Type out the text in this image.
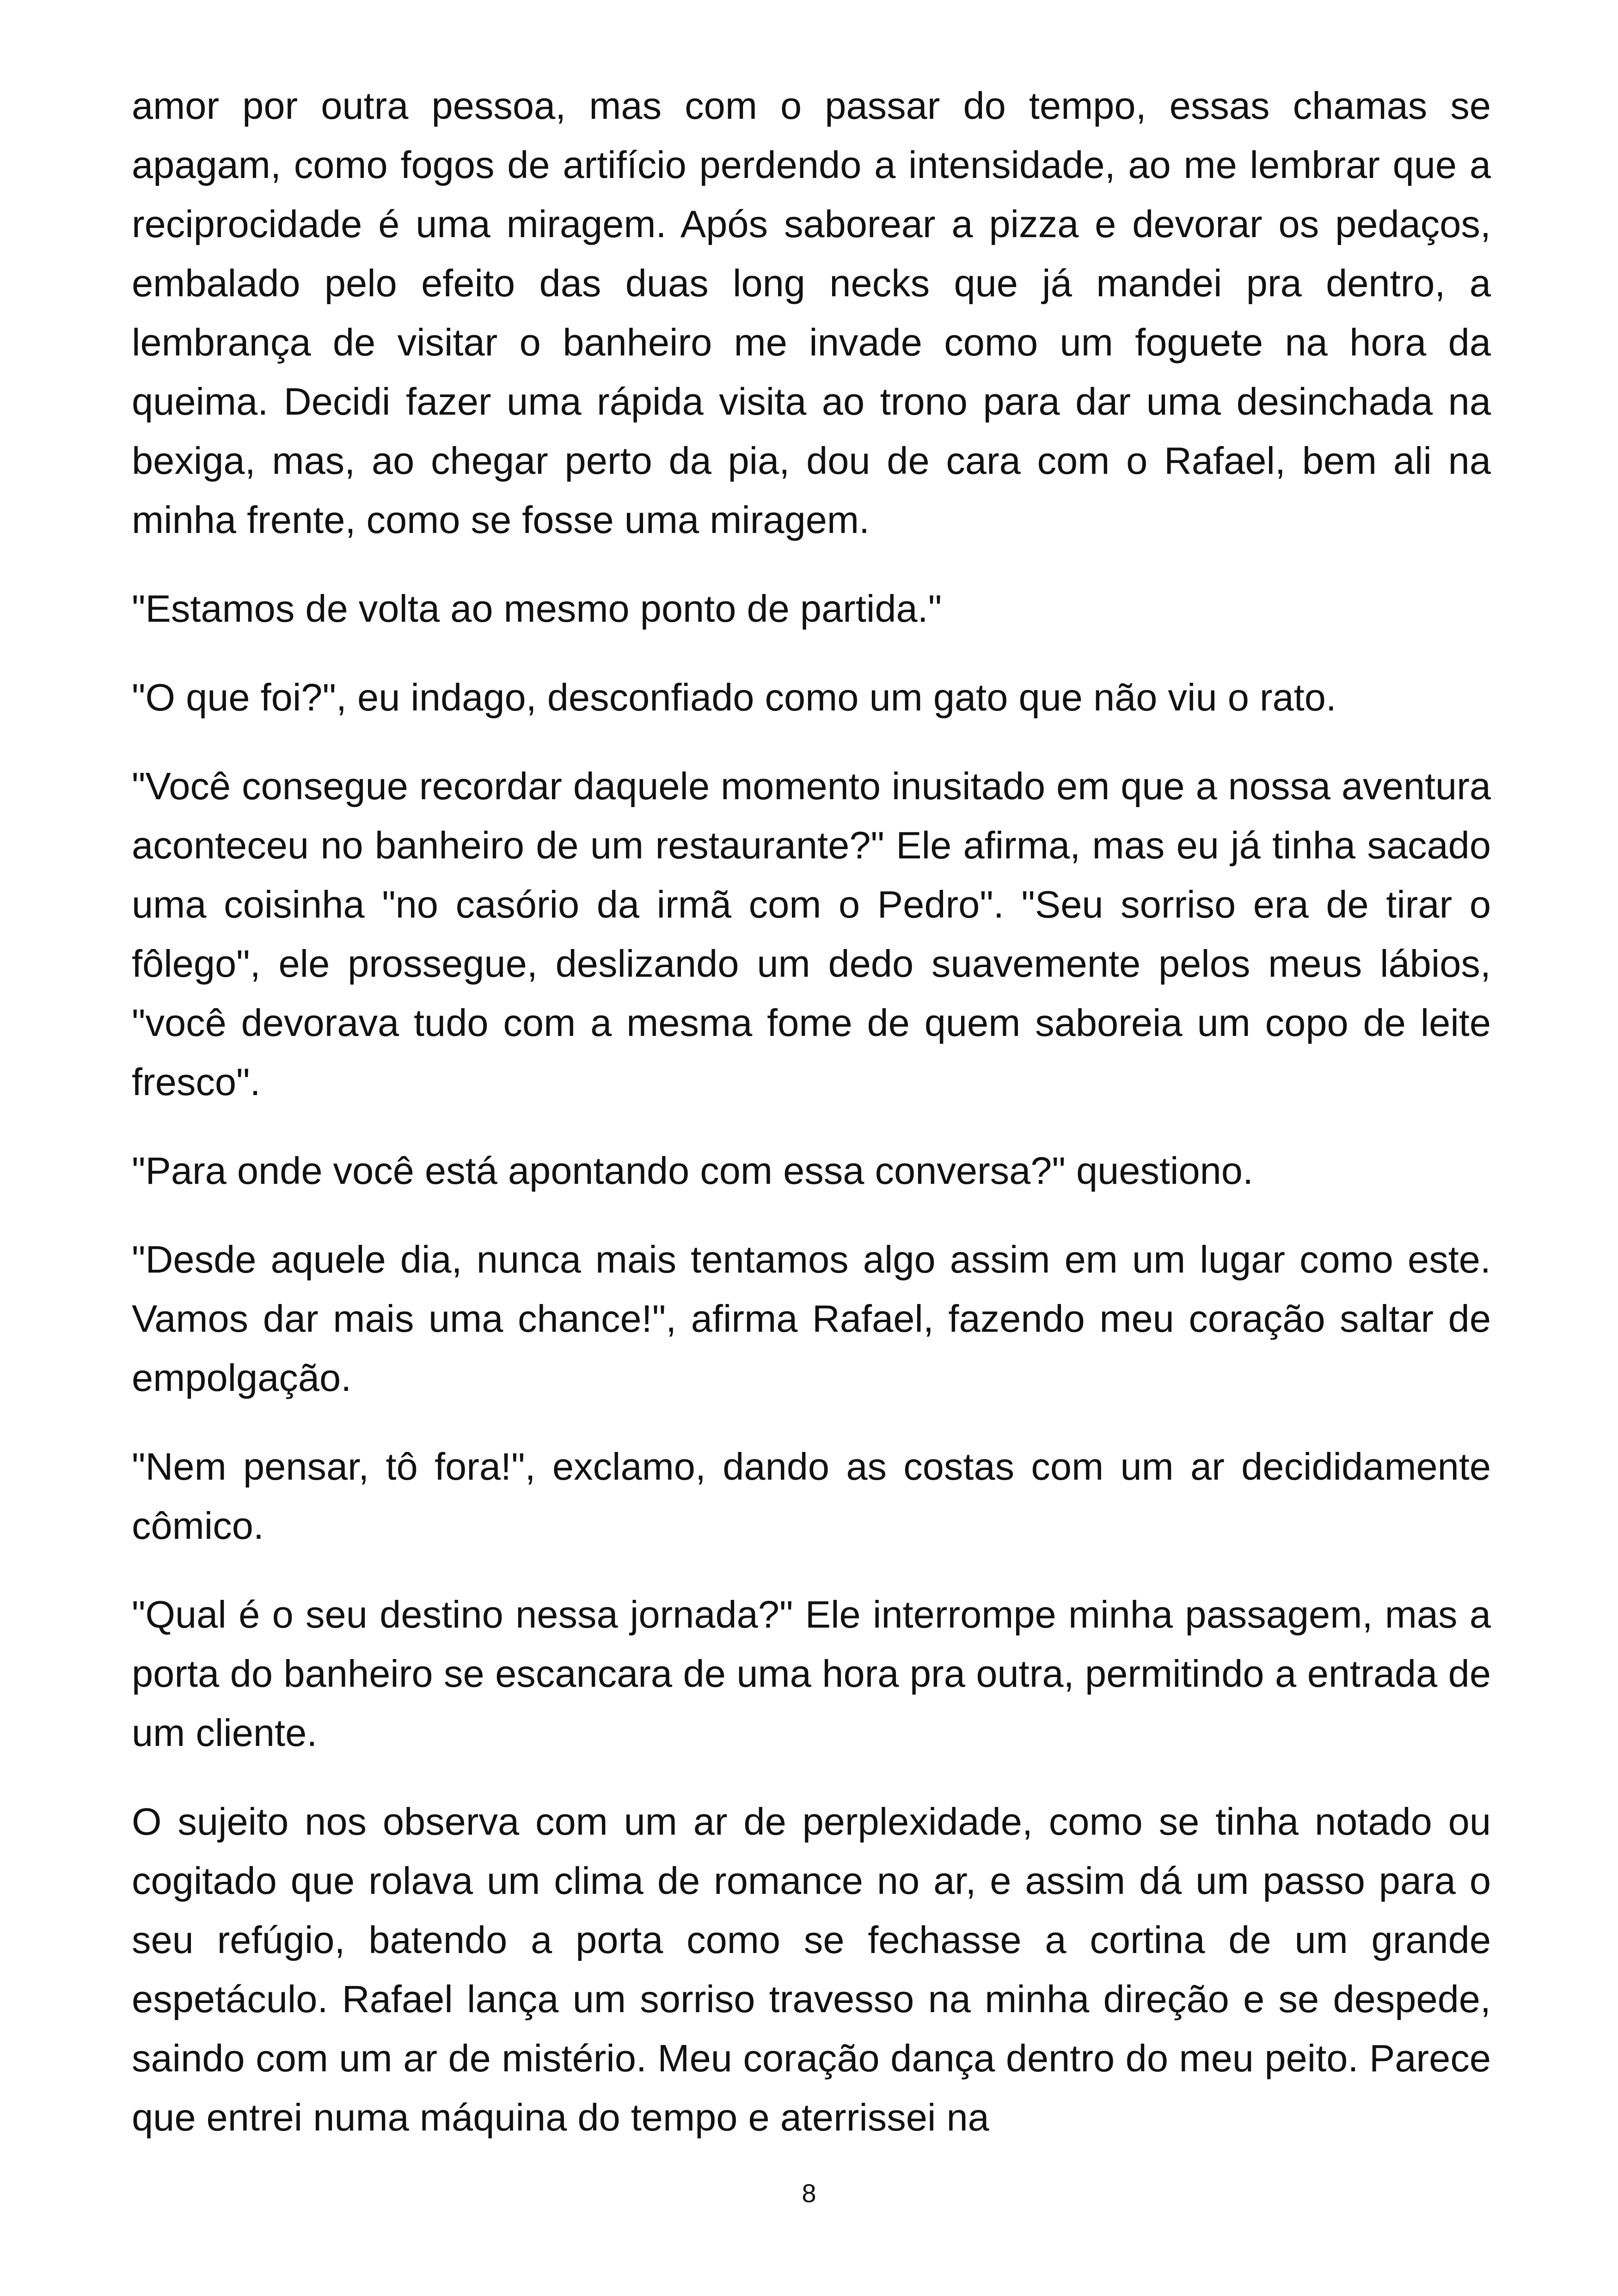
amor por outra pessoa, mas com o passar do tempo, essas chamas se apagam, como fogos de artifício perdendo a intensidade, ao me lembrar que a reciprocidade é uma miragem. Após saborear a pizza e devorar os pedaços, embalado pelo efeito das duas long necks que já mandei pra dentro, a lembrança de visitar o banheiro me invade como um foguete na hora da queima. Decidi fazer uma rápida visita ao trono para dar uma desinchada na bexiga, mas, ao chegar perto da pia, dou de cara com o Rafael, bem ali na minha frente, como se fosse uma miragem.

"Estamos de volta ao mesmo ponto de partida."

"O que foi?", eu indago, desconfiado como um gato que não viu o rato.

"Você consegue recordar daquele momento inusitado em que a nossa aventura aconteceu no banheiro de um restaurante?" Ele afirma, mas eu já tinha sacado uma coisinha "no casório da irmã com o Pedro". "Seu sorriso era de tirar o fôlego", ele prossegue, deslizando um dedo suavemente pelos meus lábios, "você devorava tudo com a mesma fome de quem saboreia um copo de leite fresco".

"Para onde você está apontando com essa conversa?" questiono.

"Desde aquele dia, nunca mais tentamos algo assim em um lugar como este. Vamos dar mais uma chance!", afirma Rafael, fazendo meu coração saltar de empolgação.

"Nem pensar, tô fora!", exclamo, dando as costas com um ar decididamente cômico.

"Qual é o seu destino nessa jornada?" Ele interrompe minha passagem, mas a porta do banheiro se escancara de uma hora pra outra, permitindo a entrada de um cliente.

O sujeito nos observa com um ar de perplexidade, como se tinha notado ou cogitado que rolava um clima de romance no ar, e assim dá um passo para o seu refúgio, batendo a porta como se fechasse a cortina de um grande espetáculo. Rafael lança um sorriso travesso na minha direção e se despede, saindo com um ar de mistério. Meu coração dança dentro do meu peito. Parece que entrei numa máquina do tempo e aterrissei na

8
